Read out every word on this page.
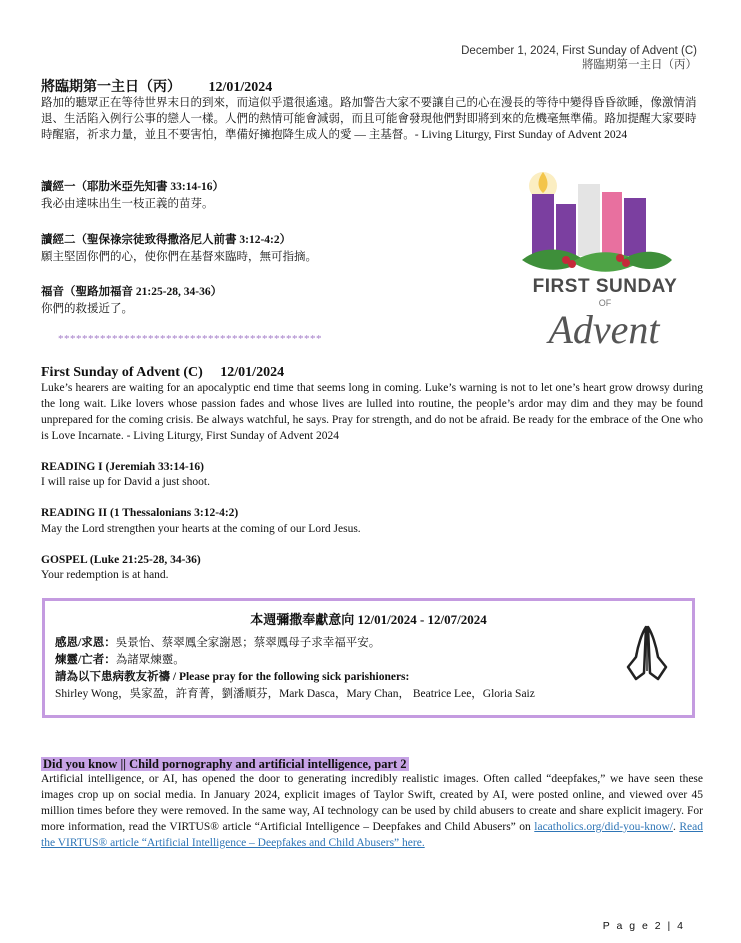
December 1, 2024, First Sunday of Advent (C)
將臨期第一主日（丙）
將臨期第一主日（丙） 12/01/2024
路加的聽眾正在等待世界末日的到來，而這似乎還很遙遠。路加警告大家不要讓自己的心在漫長的等待中變得昏昏欲睡，像激情消退、生活陷入例行公事的戀人一樣。人們的熱情可能會減弱，而且可能會發現他們對即將到來的危機毫無準備。路加提醒大家要時時醒寤，祈求力量，並且不要害怕，準備好擁抱降生成人的愛 — 主基督。- Living Liturgy, First Sunday of Advent 2024
讀經一（耶肋米亞先知書 33:14-16）
我必由達味出生一枝正義的苗芽。
讀經二（聖保祿宗徒致得撒洛尼人前書 3:12-4:2）
願主堅固你們的心，使你們在基督來臨時，無可指摘。
福音（聖路加福音 21:25-28, 34-36）
你們的救援近了。
********************************************
FIRST SUNDAY
OF
Advent
First Sunday of Advent (C) 12/01/2024
Luke’s hearers are waiting for an apocalyptic end time that seems long in coming. Luke’s warning is not to let one’s heart grow drowsy during the long wait. Like lovers whose passion fades and whose lives are lulled into routine, the people’s ardor may dim and they may be found unprepared for the coming crisis. Be always watchful, he says. Pray for strength, and do not be afraid. Be ready for the embrace of the One who is Love Incarnate. - Living Liturgy, First Sunday of Advent 2024
READING I (Jeremiah 33:14-16)
I will raise up for David a just shoot.
READING II (1 Thessalonians 3:12-4:2)
May the Lord strengthen your hearts at the coming of our Lord Jesus.
GOSPEL (Luke 21:25-28, 34-36)
Your redemption is at hand.
本週彌撒奉獻意向 12/01/2024 - 12/07/2024
感恩/求恩：吳景怡、蔡翠鳳全家謝恩；蔡翠鳳母子求幸福平安。
煉靈/亡者：為諸眾煉靈。
請為以下患病教友祈禱 / Please pray for the following sick parishioners:
Shirley Wong，吳家盈，許育菁，劉潘順芬，Mark Dasca，Mary Chan， Beatrice Lee，Gloria Saiz
Did you know || Child pornography and artificial intelligence, part 2
Artificial intelligence, or AI, has opened the door to generating incredibly realistic images. Often called “deepfakes,” we have seen these images crop up on social media. In January 2024, explicit images of Taylor Swift, created by AI, were posted online, and viewed over 45 million times before they were removed. In the same way, AI technology can be used by child abusers to create and share explicit imagery. For more information, read the VIRTUS® article “Artificial Intelligence – Deepfakes and Child Abusers” on lacatholics.org/did-you-know/. Read the VIRTUS® article “Artificial Intelligence – Deepfakes and Child Abusers” here.
P a g e 2 | 4
